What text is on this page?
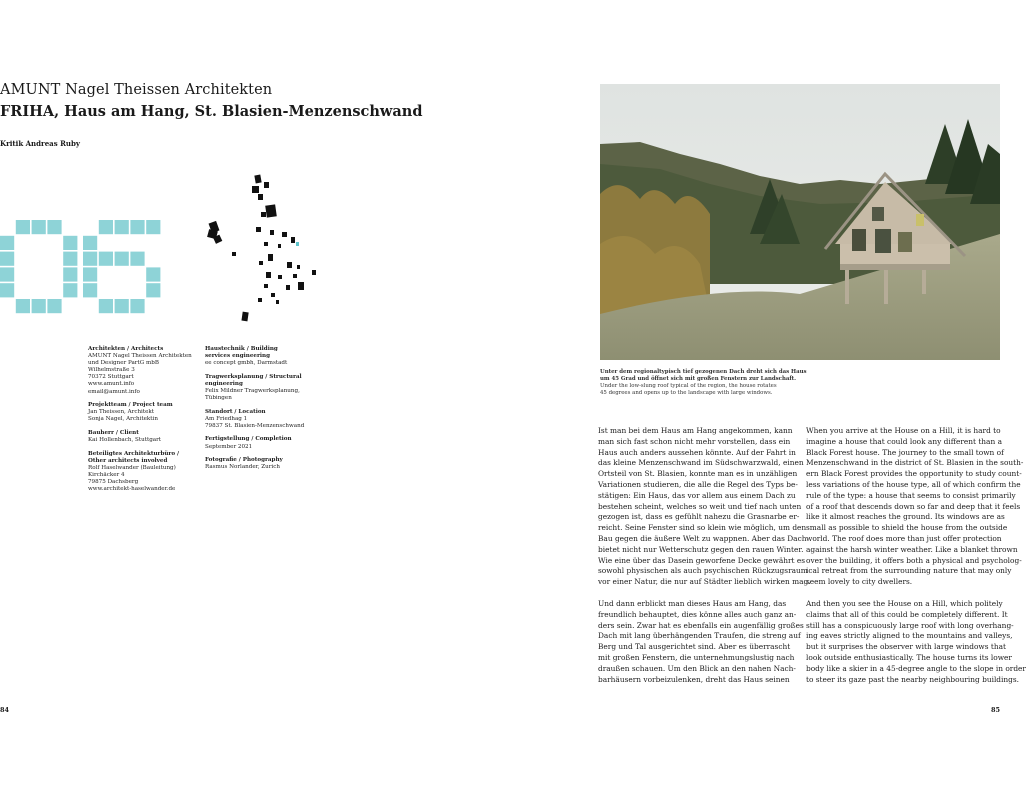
AMUNT Nagel Theissen Architekten
FRIHA, Haus am Hang, St. Blasien-Menzenschwand
Kritik Andreas Ruby
Architekten / Architects
AMUNT Nagel Theissen Architekten
und Designer PartG mbB
Wilhelmstraße 3
70372 Stuttgart
www.amunt.info
email@amunt.info
Projektteam / Project team
Jan Theissen, Architekt
Sonja Nagel, Architektin
Bauherr / Client
Kai Hollenbach, Stuttgart
Beteiligtes Architekturbüro /
Other architects involved
Rolf Haselwander (Bauleitung)
Kirchäcker 4
79875 Dachsberg
www.architekt-haselwander.de
Haustechnik / Building
services engineering
ee concept gmbh, Darmstadt
Tragwerksplanung / Structural
engineering
Felix Mildner Tragwerksplanung,
Tübingen
Standort / Location
Am Friedhag 1
79837 St. Blasien-Menzenschwand
Fertigstellung / Completion
September 2021
Fotografie / Photography
Rasmus Norlander, Zurich
Unter dem regionaltypisch tief gezogenen Dach dreht sich das Haus
um 45 Grad und öffnet sich mit großen Fenstern zur Landschaft.
Under the low-slung roof typical of the region, the house rotates
45 degrees and opens up to the landscape with large windows.
Ist man bei dem Haus am Hang angekommen, kann
man sich fast schon nicht mehr vorstellen, dass ein
Haus auch anders aussehen könnte. Auf der Fahrt in
das kleine Menzenschwand im Südschwarzwald, einen
Ortsteil von St. Blasien, konnte man es in unzähligen
Variationen studieren, die alle die Regel des Typs be-
stätigen: Ein Haus, das vor allem aus einem Dach zu
bestehen scheint, welches so weit und tief nach unten
gezogen ist, dass es gefühlt nahezu die Grasnarbe er-
reicht. Seine Fenster sind so klein wie möglich, um den
Bau gegen die äußere Welt zu wappnen. Aber das Dach
bietet nicht nur Wetterschutz gegen den rauen Winter.
Wie eine über das Dasein geworfene Decke gewährt es
sowohl physischen als auch psychischen Rückzugsraum
vor einer Natur, die nur auf Städter lieblich wirken mag.
Und dann erblickt man dieses Haus am Hang, das
freundlich behauptet, dies könne alles auch ganz an-
ders sein. Zwar hat es ebenfalls ein augenfällig großes
Dach mit lang überhängenden Traufen, die streng auf
Berg und Tal ausgerichtet sind. Aber es überrascht
mit großen Fenstern, die unternehmungslustig nach
draußen schauen. Um den Blick an den nahen Nach-
barhäusern vorbeizulenken, dreht das Haus seinen
When you arrive at the House on a Hill, it is hard to
imagine a house that could look any different than a
Black Forest house. The journey to the small town of
Menzenschwand in the district of St. Blasien in the south-
ern Black Forest provides the opportunity to study count-
less variations of the house type, all of which confirm the
rule of the type: a house that seems to consist primarily
of a roof that descends down so far and deep that it feels
like it almost reaches the ground. Its windows are as
small as possible to shield the house from the outside
world. The roof does more than just offer protection
against the harsh winter weather. Like a blanket thrown
over the building, it offers both a physical and psycholog-
ical retreat from the surrounding nature that may only
seem lovely to city dwellers.
And then you see the House on a Hill, which politely
claims that all of this could be completely different. It
still has a conspicuously large roof with long overhang-
ing eaves strictly aligned to the mountains and valleys,
but it surprises the observer with large windows that
look outside enthusiastically. The house turns its lower
body like a skier in a 45-degree angle to the slope in order
to steer its gaze past the nearby neighbouring buildings.
84	85
